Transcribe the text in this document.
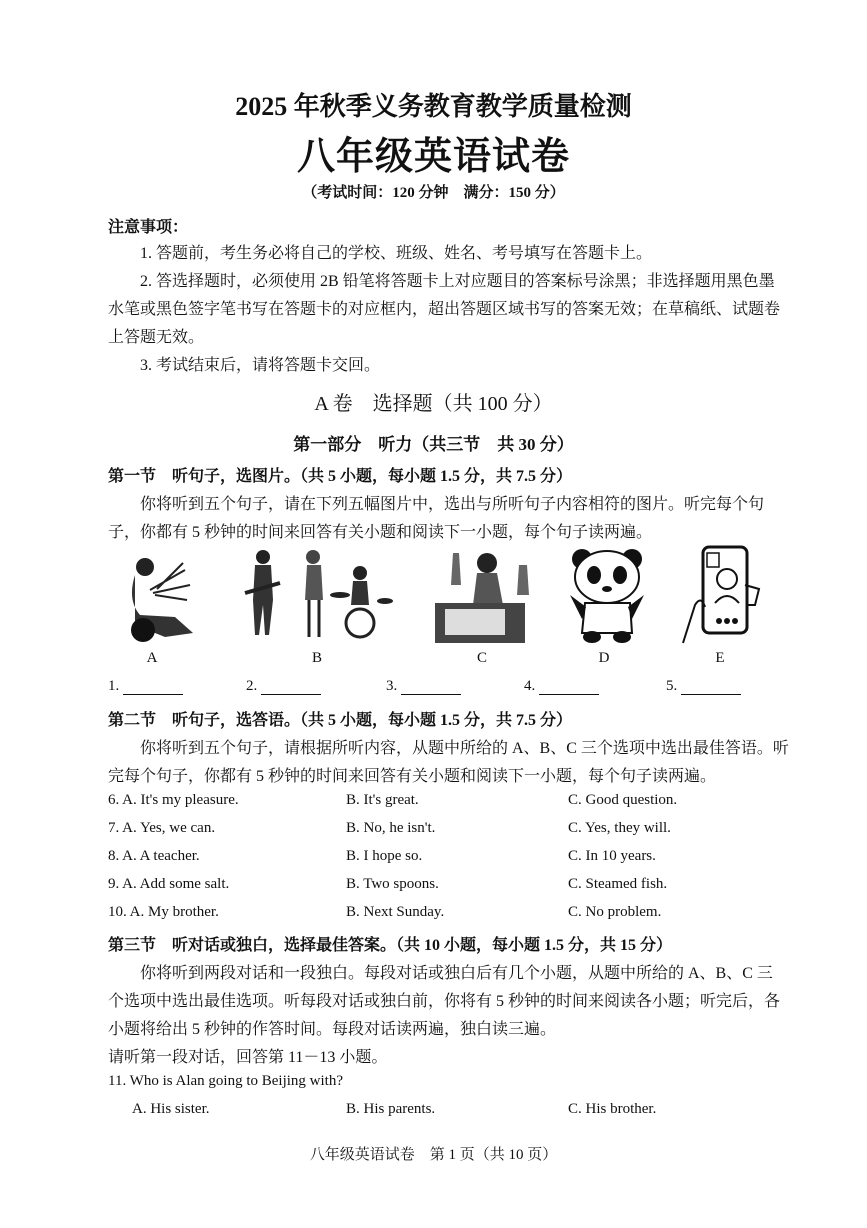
2025 年秋季义务教育教学质量检测
八年级英语试卷
（考试时间：120 分钟　满分：150 分）
注意事项：
1. 答题前，考生务必将自己的学校、班级、姓名、考号填写在答题卡上。
2. 答选择题时，必须使用 2B 铅笔将答题卡上对应题目的答案标号涂黑；非选择题用黑色墨
水笔或黑色签字笔书写在答题卡的对应框内，超出答题区域书写的答案无效；在草稿纸、试题卷
上答题无效。
3. 考试结束后，请将答题卡交回。
A 卷　选择题（共 100 分）
第一部分　听力（共三节　共 30 分）
第一节　听句子，选图片。（共 5 小题，每小题 1.5 分，共 7.5 分）
你将听到五个句子，请在下列五幅图片中，选出与所听句子内容相符的图片。听完每个句
子，你都有 5 秒钟的时间来回答有关小题和阅读下一小题，每个句子读两遍。
A	B	C	D	E
1.	2.	3.	4.	5.
第二节　听句子，选答语。（共 5 小题，每小题 1.5 分，共 7.5 分）
你将听到五个句子，请根据所听内容，从题中所给的 A、B、C 三个选项中选出最佳答语。听
完每个句子，你都有 5 秒钟的时间来回答有关小题和阅读下一小题，每个句子读两遍。
6. A. It's my pleasure.	B. It's great.	C. Good question.
7. A. Yes, we can.	B. No, he isn't.	C. Yes, they will.
8. A. A teacher.	B. I hope so.	C. In 10 years.
9. A. Add some salt.	B. Two spoons.	C. Steamed fish.
10. A. My brother.	B. Next Sunday.	C. No problem.
第三节　听对话或独白，选择最佳答案。（共 10 小题，每小题 1.5 分，共 15 分）
你将听到两段对话和一段独白。每段对话或独白后有几个小题，从题中所给的 A、B、C 三
个选项中选出最佳选项。听每段对话或独白前，你将有 5 秒钟的时间来阅读各小题；听完后，各
小题将给出 5 秒钟的作答时间。每段对话读两遍，独白读三遍。
请听第一段对话，回答第 11－13 小题。
11. Who is Alan going to Beijing with?
A. His sister.	B. His parents.	C. His brother.
八年级英语试卷　第 1 页（共 10 页）
